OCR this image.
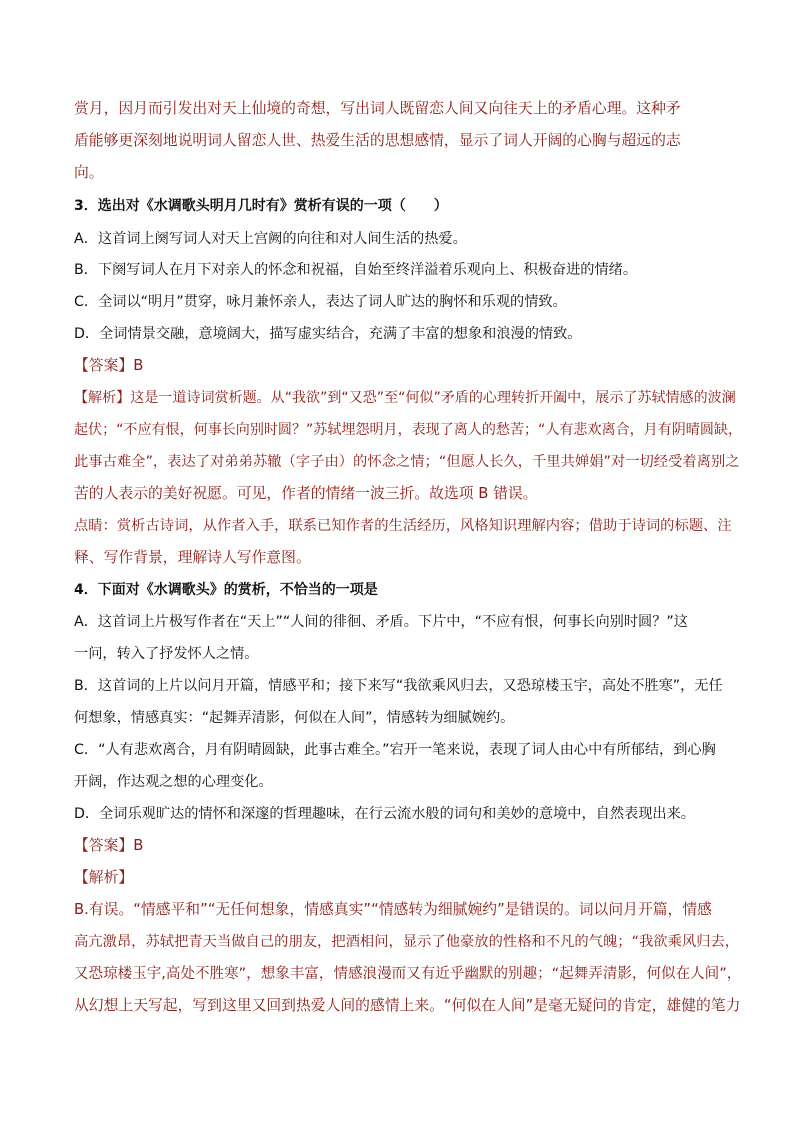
赏月，因月而引发出对天上仙境的奇想，写出词人既留恋人间又向往天上的矛盾心理。这种矛
盾能够更深刻地说明词人留恋人世、热爱生活的思想感情，显示了词人开阔的心胸与超远的志
向。
3．选出对《水调歌头明月几时有》赏析有误的一项（　　）
A．这首词上阕写词人对天上宫阙的向往和对人间生活的热爱。
B．下阕写词人在月下对亲人的怀念和祝福，自始至终洋溢着乐观向上、积极奋进的情绪。
C．全词以“明月”贯穿，咏月兼怀亲人，表达了词人旷达的胸怀和乐观的情致。
D．全词情景交融，意境阔大，描写虚实结合，充满了丰富的想象和浪漫的情致。
【答案】B
【解析】这是一道诗词赏析题。从“我欲”到“又恐”至“何似”矛盾的心理转折开阖中，展示了苏轼情感的波澜
起伏；“不应有恨，何事长向别时圆？”苏轼埋怨明月，表现了离人的愁苦；“人有悲欢离合，月有阴晴圆缺，
此事古难全”，表达了对弟弟苏辙（字子由）的怀念之情；“但愿人长久，千里共婵娟”对一切经受着离别之
苦的人表示的美好祝愿。可见，作者的情绪一波三折。故选项 B 错误。
点睛：赏析古诗词，从作者入手，联系已知作者的生活经历，风格知识理解内容；借助于诗词的标题、注
释、写作背景，理解诗人写作意图。
4．下面对《水调歌头》的赏析，不恰当的一项是
A．这首词上片极写作者在“天上”“人间的徘徊、矛盾。下片中，“不应有恨，何事长向别时圆？”这
一问，转入了抒发怀人之情。
B．这首词的上片以问月开篇，情感平和；接下来写“我欲乘风归去，又恐琼楼玉宇，高处不胜寒”，无任
何想象，情感真实：“起舞弄清影，何似在人间”，情感转为细腻婉约。
C．“人有悲欢离合，月有阴晴圆缺，此事古难全。”宕开一笔来说，表现了词人由心中有所郁结，到心胸
开阔，作达观之想的心理变化。
D．全词乐观旷达的情怀和深邃的哲理趣味，在行云流水般的词句和美妙的意境中，自然表现出来。
【答案】B
【解析】
B.有误。“情感平和”“无任何想象，情感真实”“情感转为细腻婉约”是错误的。词以问月开篇，情感
高亢激昂，苏轼把青天当做自己的朋友，把酒相问，显示了他豪放的性格和不凡的气魄；“我欲乘风归去，
又恐琼楼玉宇,高处不胜寒”，想象丰富，情感浪漫而又有近乎幽默的别趣；“起舞弄清影，何似在人间”，
从幻想上天写起，写到这里又回到热爱人间的感情上来。“何似在人间”是毫无疑问的肯定，雄健的笔力
